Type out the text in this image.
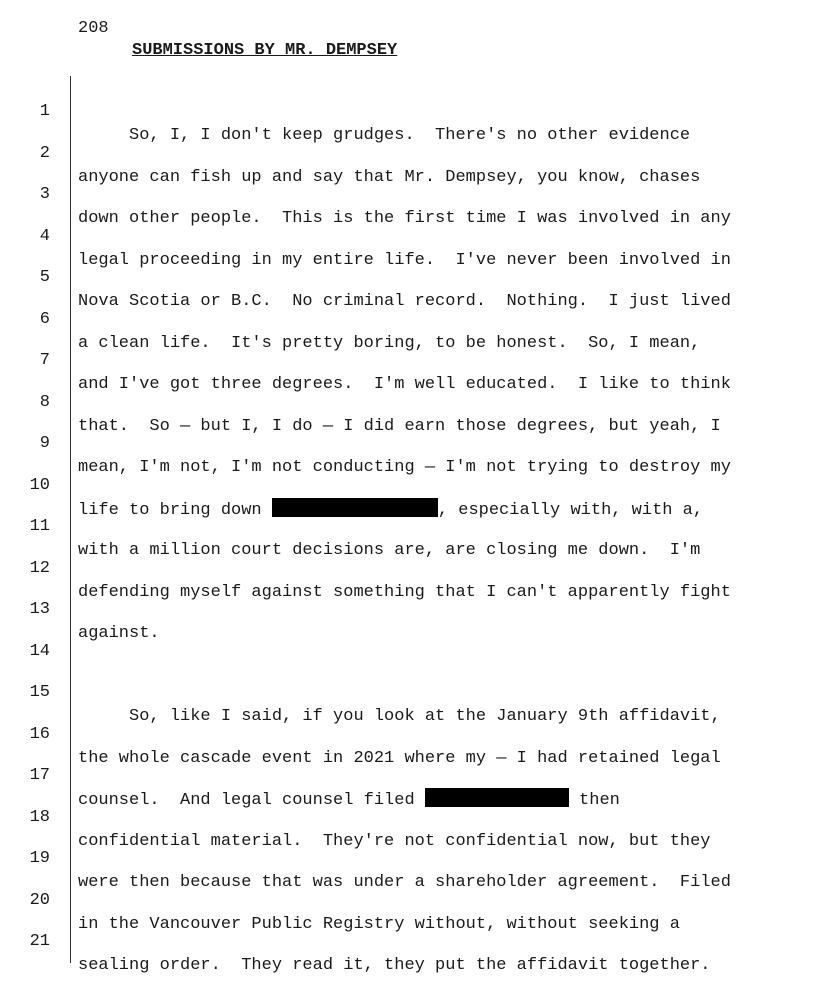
208
SUBMISSIONS BY MR. DEMPSEY

1

So, I, I don't keep grudges.  There's no other evidence

2

anyone can fish up and say that Mr. Dempsey, you know, chases

3

down other people.  This is the first time I was involved in any

4

legal proceeding in my entire life.  I've never been involved in

5

Nova Scotia or B.C.  No criminal record.  Nothing.  I just lived

6

a clean life.  It's pretty boring, to be honest.  So, I mean,

7

and I've got three degrees.  I'm well educated.  I like to think

8

that.  So — but I, I do — I did earn those degrees, but yeah, I

9

mean, I'm not, I'm not conducting — I'm not trying to destroy my

10

life to bring down	, especially with, with a,

11

with a million court decisions are, are closing me down.  I'm

12

defending myself against something that I can't apparently fight

13

against.

14

15

So, like I said, if you look at the January 9th affidavit,

16

the whole cascade event in 2021 where my — I had retained legal

17

counsel.  And legal counsel filed	then

18

confidential material.  They're not confidential now, but they

19

were then because that was under a shareholder agreement.  Filed

20

in the Vancouver Public Registry without, without seeking a

21

sealing order.  They read it, they put the affidavit together.
